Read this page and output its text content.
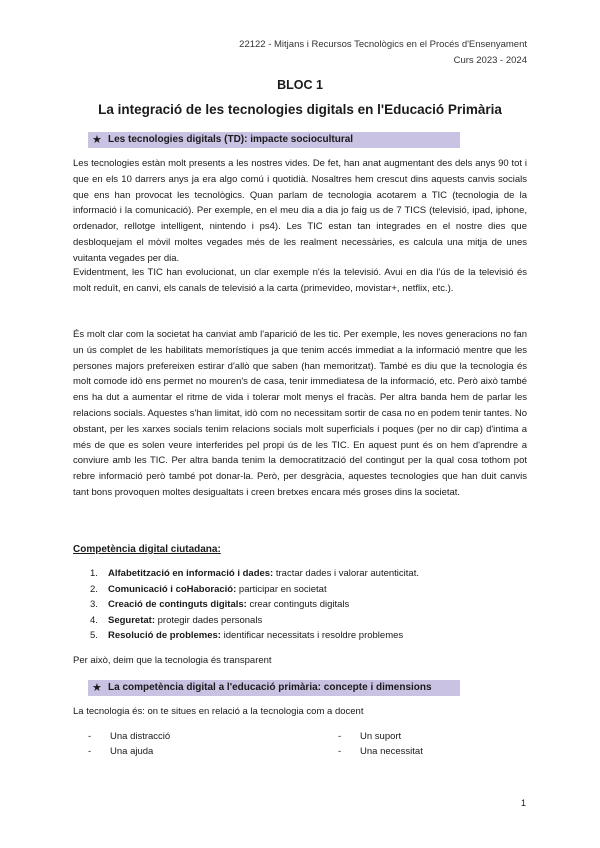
22122 - Mitjans i Recursos Tecnològics en el Procés d'Ensenyament
Curs 2023 - 2024
BLOC 1
La integració de les tecnologies digitals en l'Educació Primària
★ Les tecnologies digitals (TD): impacte sociocultural

Les tecnologies estàn molt presents a les nostres vides. De fet, han anat augmentant des dels anys 90 tot i que en els 10 darrers anys ja era algo comú i quotidià. Nosaltres hem crescut dins aquests canvis socials que ens han provocat les tecnològics. Quan parlam de tecnologia acotarem a TIC (tecnologia de la informació i la comunicació). Per exemple, en el meu dia a dia jo faig us de 7 TICS (televisió, ipad, iphone, ordenador, rellotge intelligent, nintendo i ps4). Les TIC estan tan integrades en el nostre dies que desbloquejam el mòvil moltes vegades més de les realment necessàries, es calcula una mitja de unes vuitanta vegades per dia.

Evidentment, les TIC han evolucionat, un clar exemple n'és la televisió. Avui en dia l'ús de la televisió és molt reduït, en canvi, els canals de televisió a la carta (primevideo, movistar+, netflix, etc.).

És molt clar com la societat ha canviat amb l'aparició de les tic. Per exemple, les noves generacions no fan un ús complet de les habilitats memorístiques ja que tenim accés immediat a la informació mentre que les persones majors prefereixen estirar d'allò que saben (han memoritzat). També es diu que la tecnologia és molt comode idò ens permet no mouren's de casa, tenir immediatesa de la informació, etc. Però això també ens ha dut a aumentar el ritme de vida i tolerar molt menys el fracàs. Per altra banda hem de parlar les relacions socials. Aquestes s'han limitat, idò com no necessitam sortir de casa no en podem tenir tantes. No obstant, per les xarxes socials tenim relacions socials molt superficials i poques (per no dir cap) d'intima a més de que es solen veure interferides pel propi ús de les TIC. En aquest punt és on hem d'aprendre a conviure amb les TIC. Per altra banda tenim la democratització del contingut per la qual cosa tothom pot rebre informació però també pot donar-la. Però, per desgràcia, aquestes tecnologies que han duit canvis tant bons provoquen moltes desigualtats i creen bretxes encara més groses dins la societat.

Competència digital ciutadana:
1. Alfabetització en informació i dades: tractar dades i valorar autenticitat.
2. Comunicació i coHaboració: participar en societat
3. Creació de continguts digitals: crear continguts digitals
4. Seguretat: protegir dades personals
5. Resolució de problemes: identificar necessitats i resoldre problemes
Per això, deim que la tecnologia és transparent
★ La competència digital a l'educació primària: concepte i dimensions
La tecnologia és: on te situes en relació a la tecnologia com a docent
- Una distracció
- Una ajuda
- Un suport
- Una necessitat
1
